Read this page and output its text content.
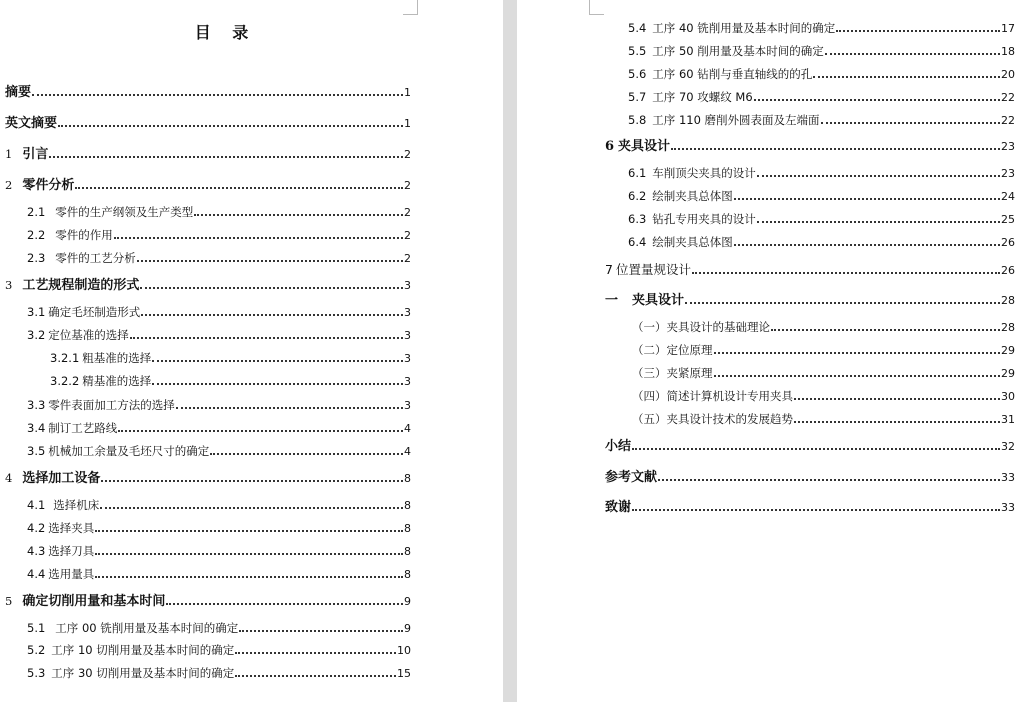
目 录
摘要	1
英文摘要	1
1 引言	2
2 零件分析	2
2.1 零件的生产纲领及生产类型	2
2.2 零件的作用	2
2.3 零件的工艺分析	2
3 工艺规程制造的形式	3
3.1 确定毛坯制造形式	3
3.2 定位基准的选择	3
3.2.1 粗基准的选择	3
3.2.2 精基准的选择	3
3.3 零件表面加工方法的选择	3
3.4 制订工艺路线	4
3.5 机械加工余量及毛坯尺寸的确定	4
4 选择加工设备	8
4.1 选择机床	8
4.2 选择夹具	8
4.3 选择刀具	8
4.4 选用量具	8
5 确定切削用量和基本时间	9
5.1 工序 00 铣削用量及基本时间的确定	9
5.2 工序 10 切削用量及基本时间的确定	10
5.3 工序 30 切削用量及基本时间的确定	15
5.4 工序 40 铣削用量及基本时间的确定	17
5.5 工序 50 削用量及基本时间的确定	18
5.6 工序 60 钻削与垂直轴线的的孔	20
5.7 工序 70 攻螺纹 M6	22
5.8 工序 110 磨削外圆表面及左端面	22
6 夹具设计	23
6.1 车削顶尖夹具的设计	23
6.2 绘制夹具总体图	24
6.3 钻孔专用夹具的设计	25
6.4 绘制夹具总体图	26
7 位置量规设计	26
一 夹具设计	28
（一）夹具设计的基础理论	28
（二）定位原理	29
（三）夹紧原理	29
（四）简述计算机设计专用夹具	30
（五）夹具设计技术的发展趋势	31
小结	32
参考文献	33
致谢	33
